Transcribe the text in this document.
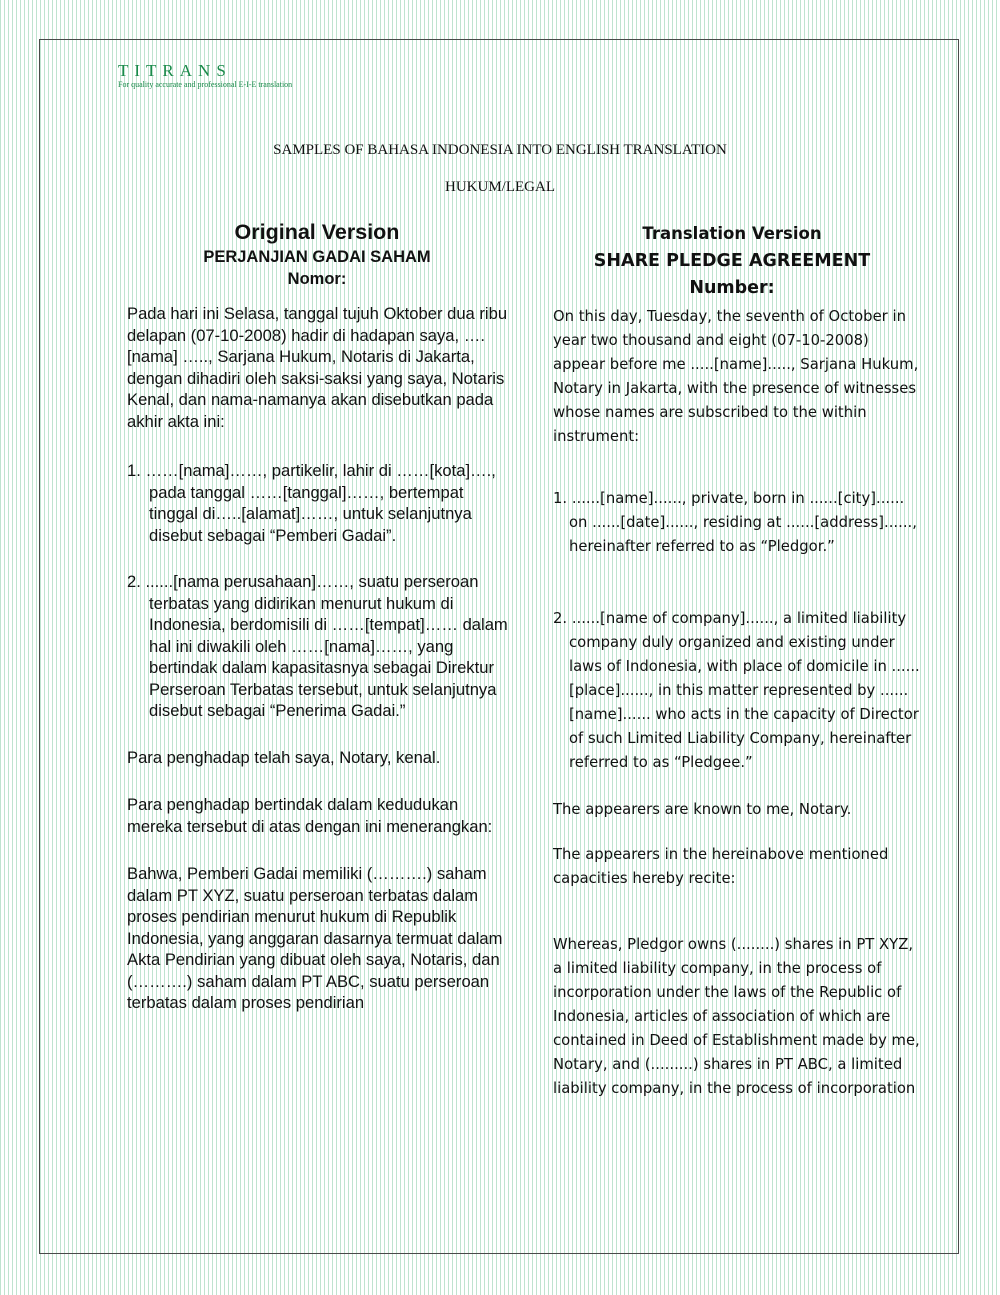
TITRANS
For quality accurate and professional E-I-E translation
SAMPLES OF BAHASA INDONESIA INTO ENGLISH TRANSLATION
HUKUM/LEGAL
Original Version
PERJANJIAN GADAI SAHAM
Nomor:

Pada hari ini Selasa, tanggal tujuh Oktober dua ribu delapan (07-10-2008) hadir di hadapan saya, ….[nama] ….., Sarjana Hukum, Notaris di Jakarta, dengan dihadiri oleh saksi-saksi yang saya, Notaris Kenal, dan nama-namanya akan disebutkan pada akhir akta ini:

1. ……[nama]……, partikelir, lahir di ……[kota]…., pada tanggal ……[tanggal]……, bertempat tinggal di…..[alamat]……, untuk selanjutnya disebut sebagai “Pemberi Gadai”.

2. ......[nama perusahaan]……, suatu perseroan terbatas yang didirikan menurut hukum di Indonesia, berdomisili di ……[tempat]…… dalam hal ini diwakili oleh ……[nama]……, yang bertindak dalam kapasitasnya sebagai Direktur Perseroan Terbatas tersebut, untuk selanjutnya disebut sebagai “Penerima Gadai.”

Para penghadap telah saya, Notary, kenal.

Para penghadap bertindak dalam kedudukan mereka tersebut di atas dengan ini menerangkan:

Bahwa, Pemberi Gadai memiliki (……….) saham dalam PT XYZ, suatu perseroan terbatas dalam proses pendirian menurut hukum di Republik Indonesia, yang anggaran dasarnya termuat dalam Akta Pendirian yang dibuat oleh saya, Notaris, dan (……….) saham dalam PT ABC, suatu perseroan terbatas dalam proses pendirian

Translation Version
SHARE PLEDGE AGREEMENT
Number:

On this day, Tuesday, the seventh of October in year two thousand and eight (07-10-2008) appear before me .....[name]....., Sarjana Hukum, Notary in Jakarta, with the presence of witnesses whose names are subscribed to the within instrument:

1. ......[name]......, private, born in ......[city]...... on ......[date]......, residing at ......[address]......, hereinafter referred to as “Pledgor.”

2. ......[name of company]......, a limited liability company duly organized and existing under laws of Indonesia, with place of domicile in ......[place]......, in this matter represented by ......[name]...... who acts in the capacity of Director of such Limited Liability Company, hereinafter referred to as “Pledgee.”

The appearers are known to me, Notary.

The appearers in the hereinabove mentioned capacities hereby recite:

Whereas, Pledgor owns (........) shares in PT XYZ, a limited liability company, in the process of incorporation under the laws of the Republic of Indonesia, articles of association of which are contained in Deed of Establishment made by me, Notary, and (.........) shares in PT ABC, a limited liability company, in the process of incorporation
